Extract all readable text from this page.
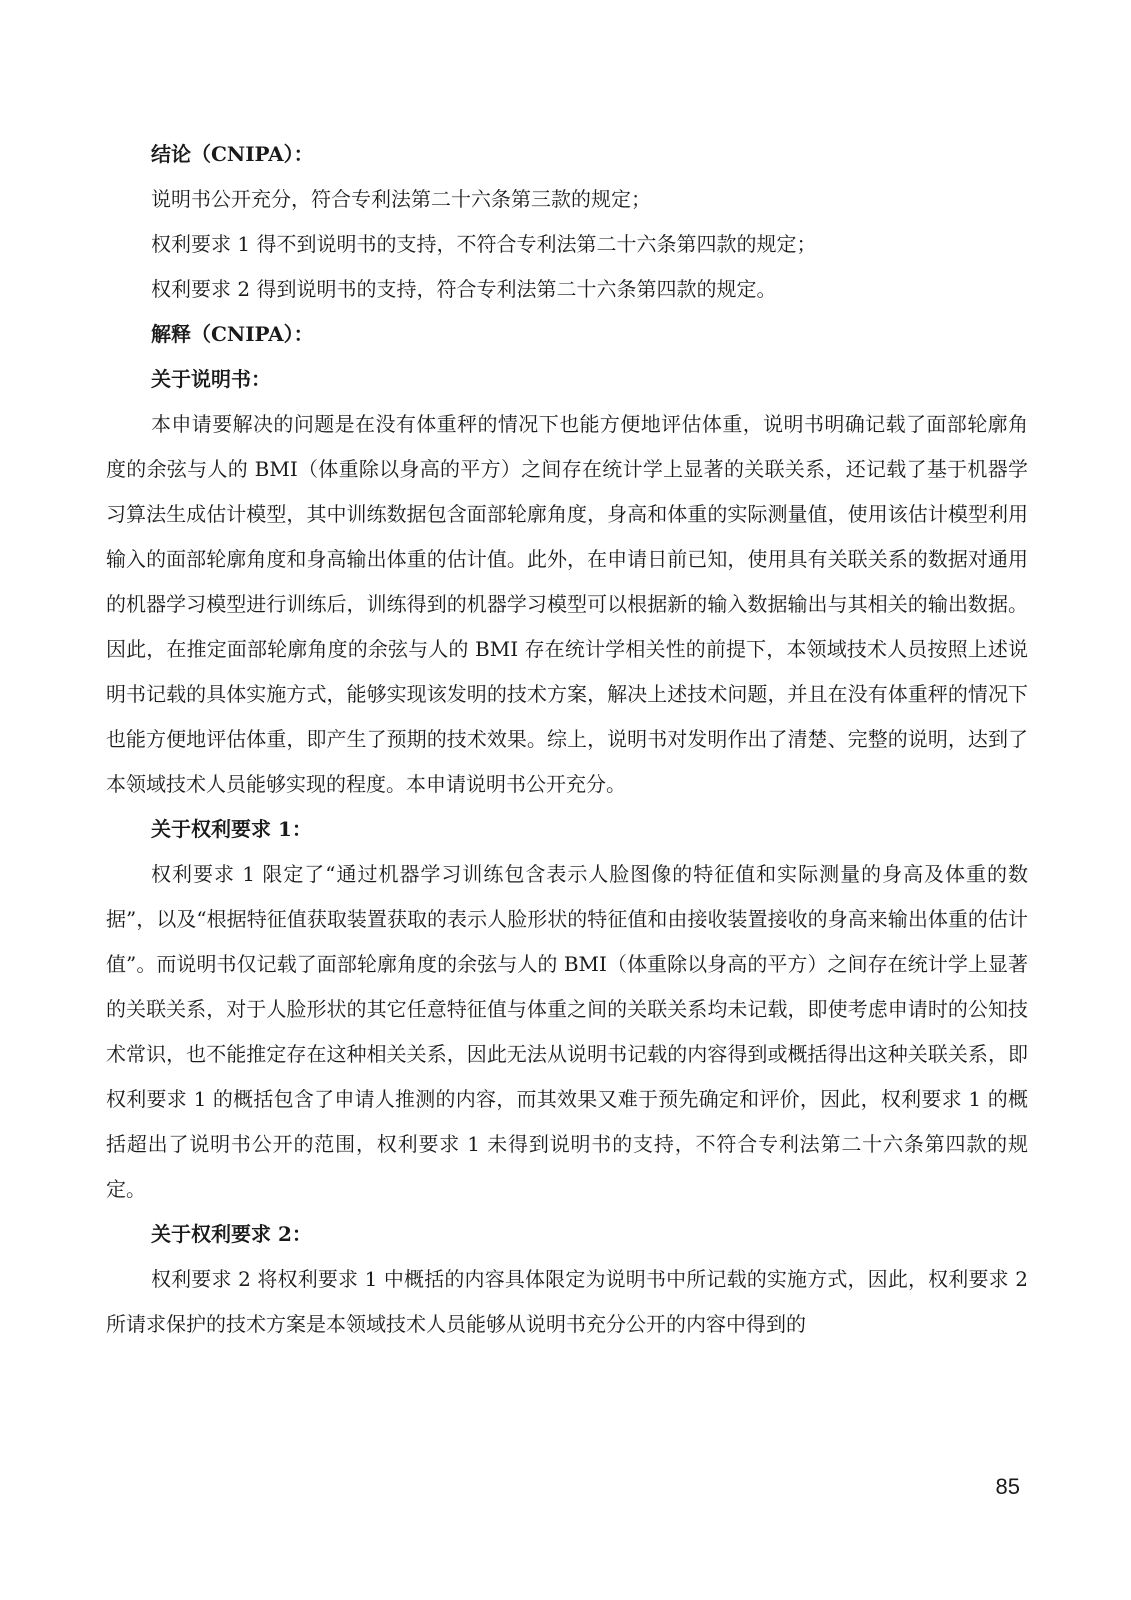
结论（CNIPA）：
说明书公开充分，符合专利法第二十六条第三款的规定；
权利要求 1 得不到说明书的支持，不符合专利法第二十六条第四款的规定；
权利要求 2 得到说明书的支持，符合专利法第二十六条第四款的规定。
解释（CNIPA）：
关于说明书：

本申请要解决的问题是在没有体重秤的情况下也能方便地评估体重，说明书明确记载了面部轮廓角度的余弦与人的 BMI（体重除以身高的平方）之间存在统计学上显著的关联关系，还记载了基于机器学习算法生成估计模型，其中训练数据包含面部轮廓角度，身高和体重的实际测量值，使用该估计模型利用输入的面部轮廓角度和身高输出体重的估计值。此外，在申请日前已知，使用具有关联关系的数据对通用的机器学习模型进行训练后，训练得到的机器学习模型可以根据新的输入数据输出与其相关的输出数据。因此，在推定面部轮廓角度的余弦与人的 BMI 存在统计学相关性的前提下，本领域技术人员按照上述说明书记载的具体实施方式，能够实现该发明的技术方案，解决上述技术问题，并且在没有体重秤的情况下也能方便地评估体重，即产生了预期的技术效果。综上，说明书对发明作出了清楚、完整的说明，达到了本领域技术人员能够实现的程度。本申请说明书公开充分。

关于权利要求 1：

权利要求 1 限定了“通过机器学习训练包含表示人脸图像的特征值和实际测量的身高及体重的数据”，以及“根据特征值获取装置获取的表示人脸形状的特征值和由接收装置接收的身高来输出体重的估计值”。而说明书仅记载了面部轮廓角度的余弦与人的 BMI（体重除以身高的平方）之间存在统计学上显著的关联关系，对于人脸形状的其它任意特征值与体重之间的关联关系均未记载，即使考虑申请时的公知技术常识，也不能推定存在这种相关关系，因此无法从说明书记载的内容得到或概括得出这种关联关系，即权利要求 1 的概括包含了申请人推测的内容，而其效果又难于预先确定和评价，因此，权利要求 1 的概括超出了说明书公开的范围，权利要求 1 未得到说明书的支持，不符合专利法第二十六条第四款的规定。

关于权利要求 2：

权利要求 2 将权利要求 1 中概括的内容具体限定为说明书中所记载的实施方式，因此，权利要求 2 所请求保护的技术方案是本领域技术人员能够从说明书充分公开的内容中得到的

85
